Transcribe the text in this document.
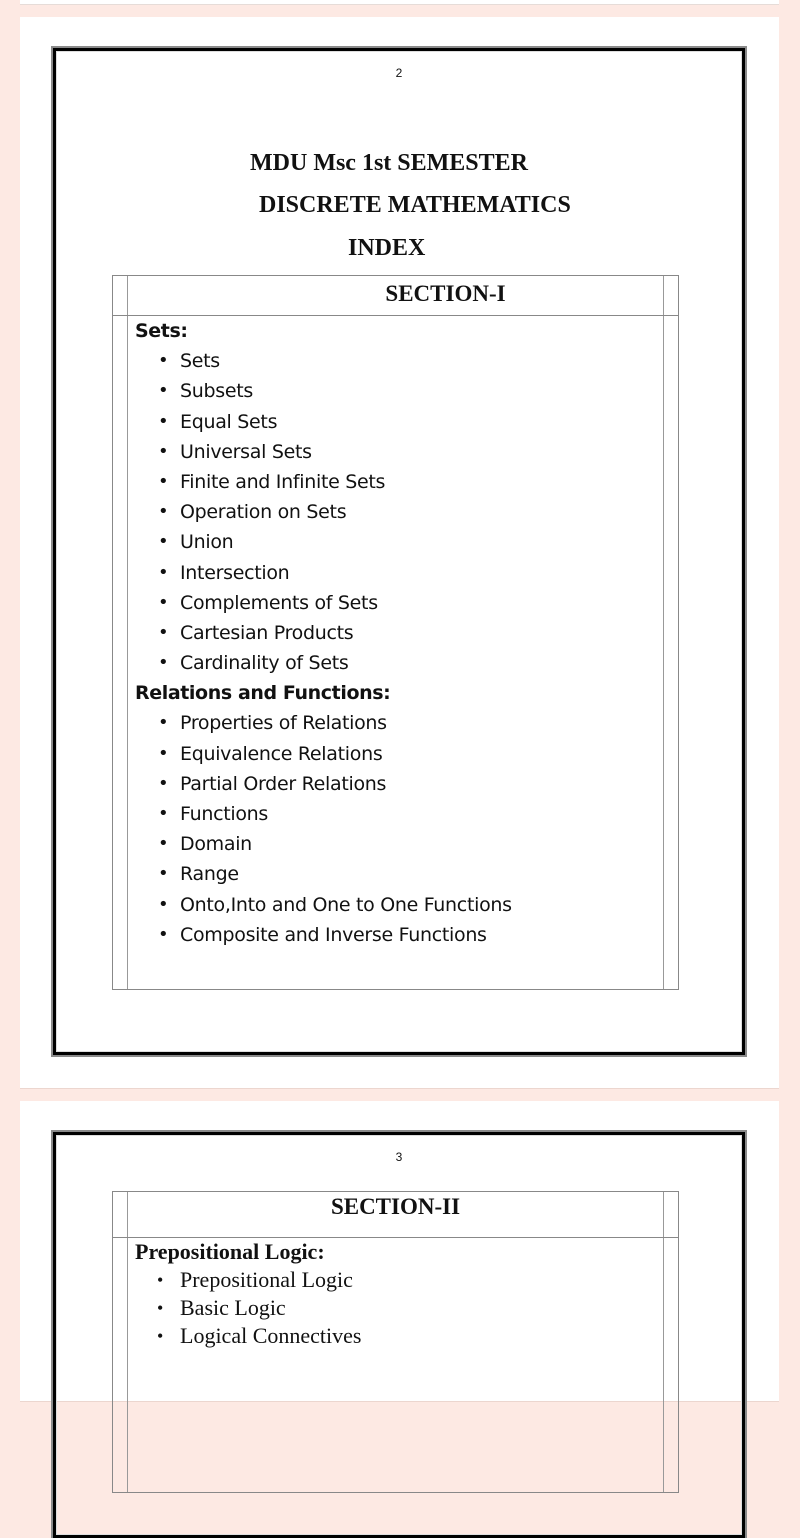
2
MDU Msc 1st SEMESTER
DISCRETE MATHEMATICS
INDEX
SECTION-I
Sets:
• Sets
• Subsets
• Equal Sets
• Universal Sets
• Finite and Infinite Sets
• Operation on Sets
• Union
• Intersection
• Complements of Sets
• Cartesian Products
• Cardinality of Sets
Relations and Functions:
• Properties of Relations
• Equivalence Relations
• Partial Order Relations
• Functions
• Domain
• Range
• Onto,Into and One to One Functions
• Composite and Inverse Functions
3
SECTION-II
Prepositional Logic:
• Prepositional Logic
• Basic Logic
• Logical Connectives
